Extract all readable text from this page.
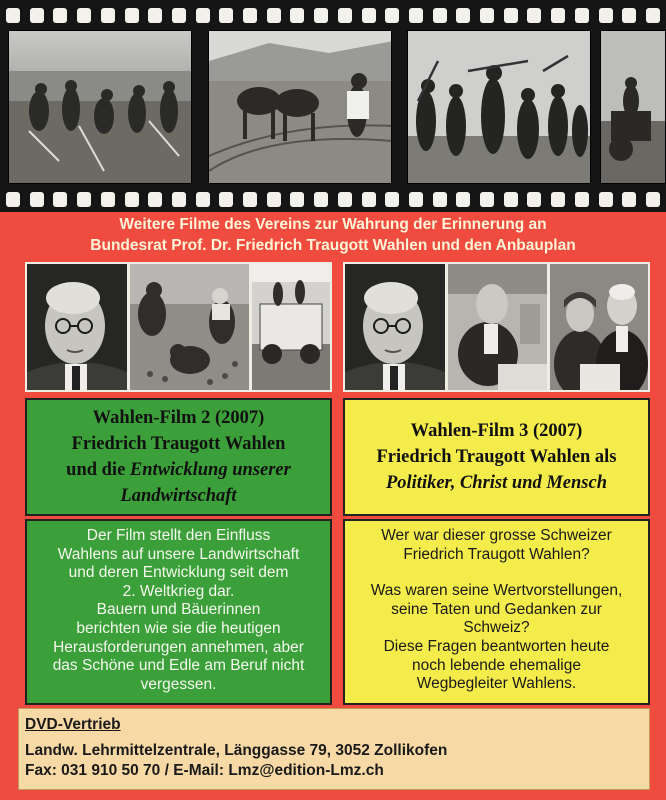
Weitere Filme des Vereins zur Wahrung der Erinnerung an
Bundesrat Prof. Dr. Friedrich Traugott Wahlen und den Anbauplan
Wahlen-Film 2 (2007)
Friedrich Traugott Wahlen
und die Entwicklung unserer
Landwirtschaft
Wahlen-Film 3 (2007)
Friedrich Traugott Wahlen als
Politiker, Christ und Mensch
Der Film stellt den Einfluss
Wahlens auf unsere Landwirtschaft
und deren Entwicklung seit dem
2. Weltkrieg dar.
Bauern und Bäuerinnen
berichten wie sie die heutigen
Herausforderungen annehmen, aber
das Schöne und Edle am Beruf nicht
vergessen.
Wer war dieser grosse Schweizer
Friedrich Traugott Wahlen?
Was waren seine Wertvorstellungen,
seine Taten und Gedanken zur
Schweiz?
Diese Fragen beantworten heute
noch lebende ehemalige
Wegbegleiter Wahlens.
DVD-Vertrieb
Landw. Lehrmittelzentrale, Länggasse 79, 3052 Zollikofen
Fax: 031 910 50 70 / E-Mail: Lmz@edition-Lmz.ch
